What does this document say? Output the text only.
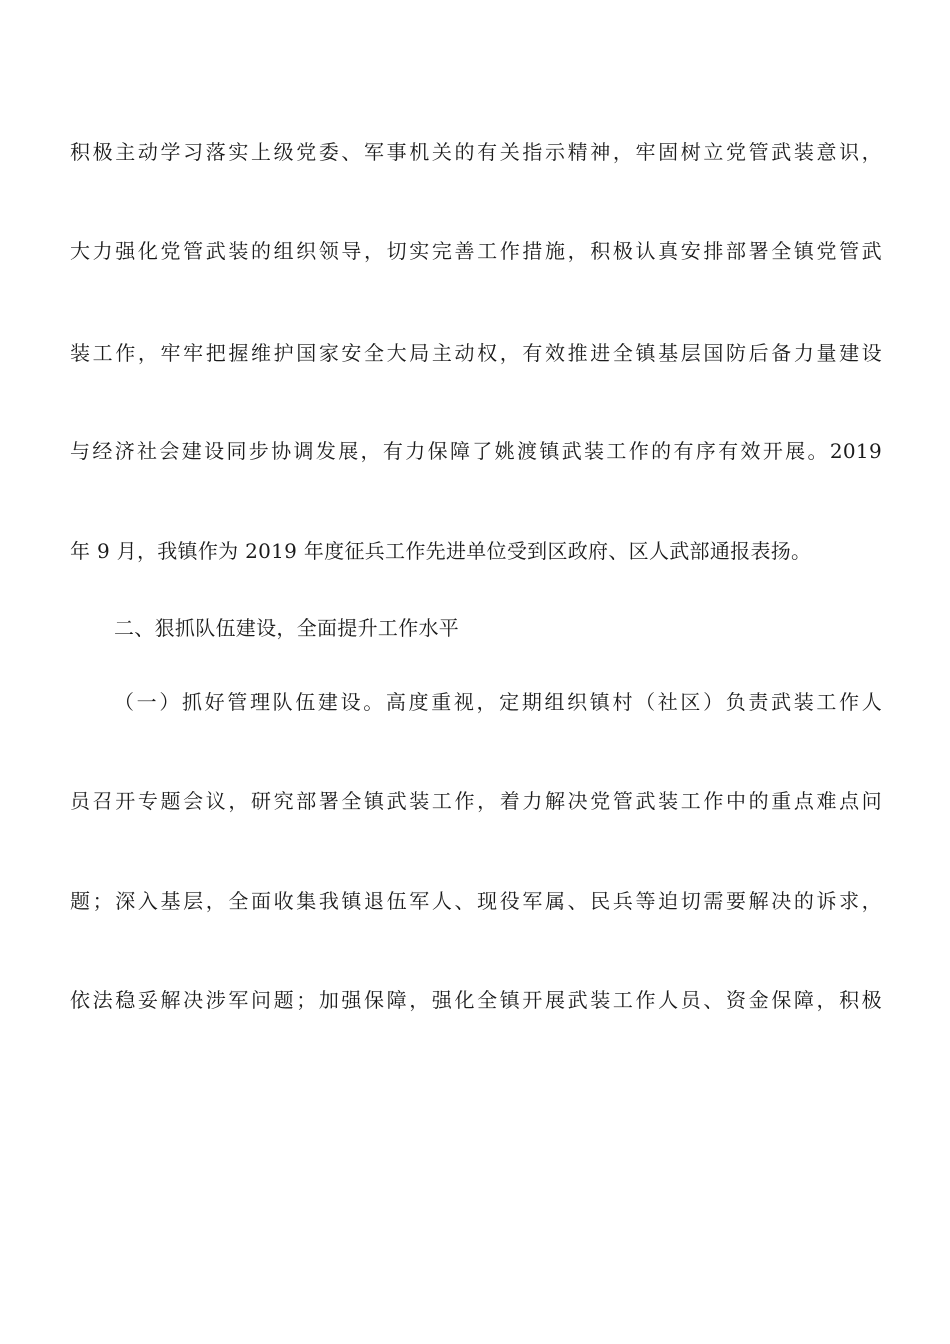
积极主动学习落实上级党委、军事机关的有关指示精神，牢固树立党管武装意识，
大力强化党管武装的组织领导，切实完善工作措施，积极认真安排部署全镇党管武
装工作，牢牢把握维护国家安全大局主动权，有效推进全镇基层国防后备力量建设
与经济社会建设同步协调发展，有力保障了姚渡镇武装工作的有序有效开展。2019
年 9 月，我镇作为 2019 年度征兵工作先进单位受到区政府、区人武部通报表扬。
二、狠抓队伍建设，全面提升工作水平
（一）抓好管理队伍建设。高度重视，定期组织镇村（社区）负责武装工作人
员召开专题会议，研究部署全镇武装工作，着力解决党管武装工作中的重点难点问
题；深入基层，全面收集我镇退伍军人、现役军属、民兵等迫切需要解决的诉求，
依法稳妥解决涉军问题；加强保障，强化全镇开展武装工作人员、资金保障，积极
